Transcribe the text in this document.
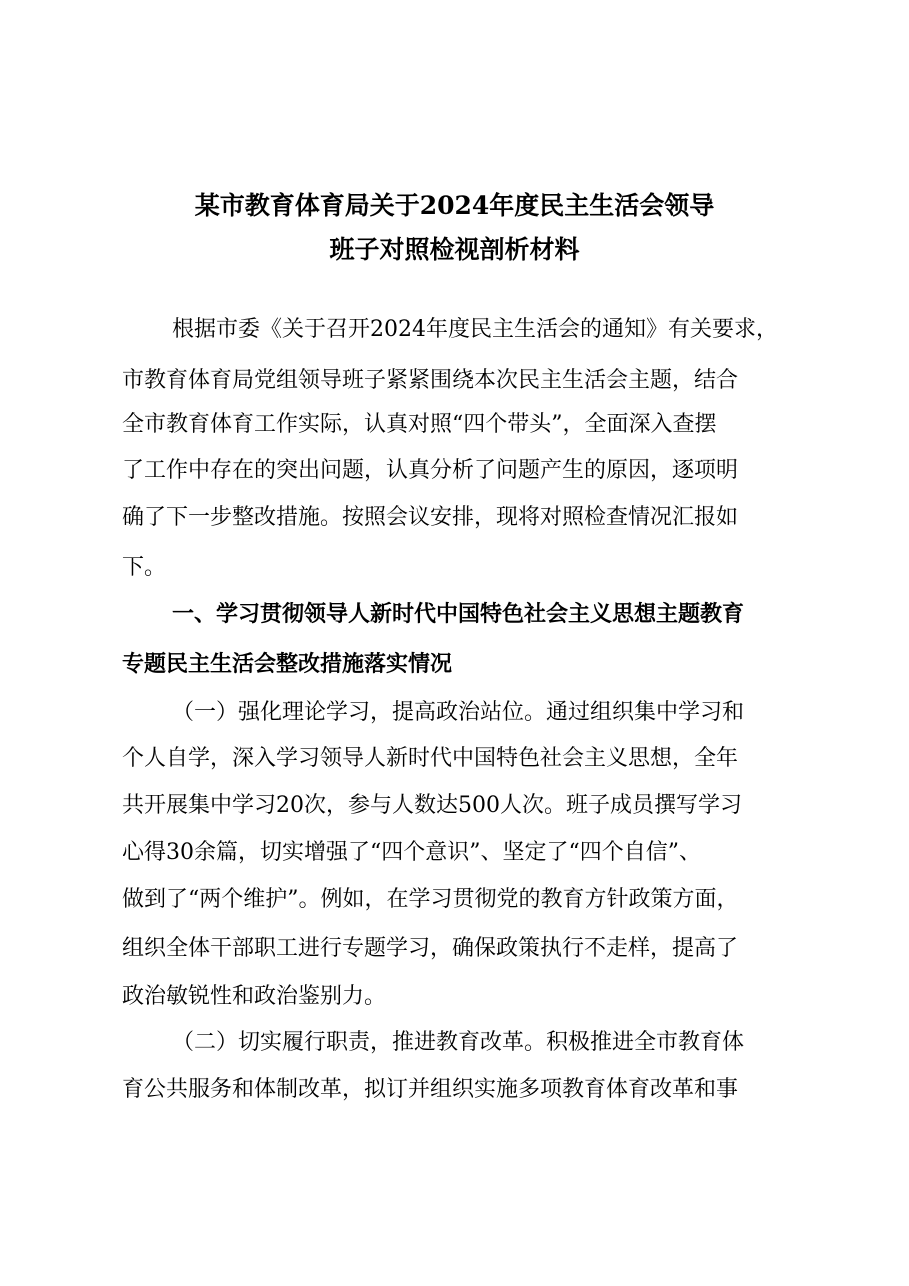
某市教育体育局关于2024年度民主生活会领导
班子对照检视剖析材料
根据市委《关于召开2024年度民主生活会的通知》有关要求，
市教育体育局党组领导班子紧紧围绕本次民主生活会主题，结合
全市教育体育工作实际，认真对照“四个带头”，全面深入查摆
了工作中存在的突出问题，认真分析了问题产生的原因，逐项明
确了下一步整改措施。按照会议安排，现将对照检查情况汇报如
下。
一、学习贯彻领导人新时代中国特色社会主义思想主题教育
专题民主生活会整改措施落实情况
（一）强化理论学习，提高政治站位。通过组织集中学习和
个人自学，深入学习领导人新时代中国特色社会主义思想，全年
共开展集中学习20次，参与人数达500人次。班子成员撰写学习
心得30余篇，切实增强了“四个意识”、坚定了“四个自信”、
做到了“两个维护”。例如，在学习贯彻党的教育方针政策方面，
组织全体干部职工进行专题学习，确保政策执行不走样，提高了
政治敏锐性和政治鉴别力。
（二）切实履行职责，推进教育改革。积极推进全市教育体
育公共服务和体制改革，拟订并组织实施多项教育体育改革和事
